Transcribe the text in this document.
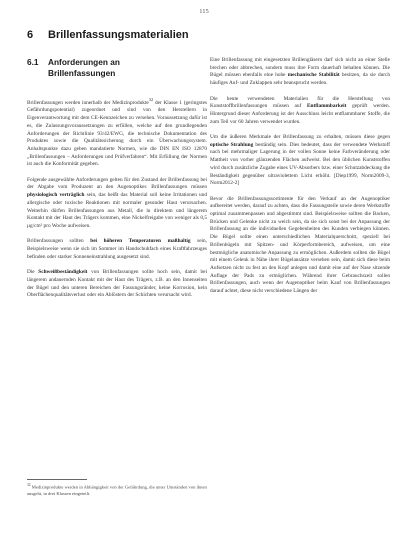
115
6 Brillenfassungsmaterialien
6.1 Anforderungen an Brillenfassungen

Brillenfassungen werden innerhalb der Medizinprodukte$^{32}$ der Klasse 1 (geringstes Gefährdungspotential) zugeordnet und sind von den Herstellern in Eigenverantwortung mit dem CE-Kennzeichen zu versehen. Voraussetzung dafür ist es, die Zulassungsvoraussetzungen zu erfüllen, welche auf den grundlegenden Anforderungen der Richtlinie 93/42/EWG, die technische Dokumentation des Produktes sowie die Qualitätssicherung durch ein Überwachungssystem. Anhaltspunkte dazu geben mandatierte Normen, wie die DIN EN ISO 12870 „Brillenfassungen – Anforderungen und Prüfverfahren“. Mit Erfüllung der Normen ist auch die Konformität gegeben.

Folgende ausgewählte Anforderungen gelten für den Zustand der Brillenfassung bei der Abgabe vom Produzent an den Augenoptiker. Brillenfassungen müssen physiologisch verträglich sein, das heißt das Material soll keine Irritationen und allergische oder toxische Reaktionen mit normaler gesunder Haut verursachen. Weiterhin dürfen Brillenfassungen aus Metall, die in direktem und längerem Kontakt mit der Haut des Trägers kommen, eine Nickelfreigabe von weniger als 0,5 µg/cm² pro Woche aufweisen.

Brillenfassungen sollten bei höheren Temperaturen maßhaltig sein, Beispielsweise wenn sie sich im Sommer im Handschuhfach eines Kraftfahrzeuges befinden oder starker Sonneneinstrahlung ausgesetzt sind.

Die Schweißbeständigkeit von Brillenfassungen sollte hoch sein, damit bei längerem andauernden Kontakt mit der Haut des Trägers, z.B. an den Innenseiten der Bügel und den unteren Bereichen der Fassungsränder, keine Korrosion, kein Oberflächenqualitätsverlust oder ein Ablöstern der Schichten verursacht wird.

Eine Brillenfassung mit eingesetzten Brillengläsern darf sich nicht an einer Stelle brechen oder abbrechen, sondern muss ihre Form dauerhaft behalten können. Die Bügel müssen ebenfalls eine hohe mechanische Stabilität besitzen, da sie durch häufiges Auf- und Zuklappen sehr beansprucht werden.

Die heute verwendeten Materialien für die Herstellung von Kunststoffbrillenfassungen müssen auf Entflammbarkeit geprüft werden. Hintergrund dieser Anforderung ist der Ausschluss leicht entflammbarer Stoffe, die zum Teil vor 60 Jahren verwendet wurden.

Um die äußeren Merkmale der Brillenfassung zu erhalten, müssen diese gegen optische Strahlung beständig sein. Dies bedeutet, dass der verwendete Werkstoff nach bei mehrmaliger Lagerung in der vollen Sonne keine Farbveränderung oder Mattheit von vorher glänzenden Flächen aufweist. Bei den üblichen Kunststoffen wird durch zusätzliche Zugabe eines UV-Absorbers bzw. einer Schutzabdeckung die Beständigkeit gegenüber ultraviolettem Licht erhöht. [Diep1999, Norm2009-3, Norm2012-2]

Bevor die Brillenfassungssortimente für den Verkauf an der Augenoptiker aufbereitet werden, darauf zu achten, dass die Fassungsteile sowie deren Werkstoffe optimal zusammenpassen und abgestimmt sind. Beispielsweise sollten die Backen, Brücken und Gelenke nicht zu weich sein, da sie sich sonst bei der Anpassung der Brillenfassung an die individuellen Gegebenheiten des Kunden verbiegen können. Die Bügel sollte einen unterschiedlichen Materialquerschnitt, speziell bei Brillenbügeln mit Spitzen- und Körperformbereich, aufweisen, um eine bestmögliche anatomische Anpassung zu ermöglichen. Außerdem sollten die Bügel mit einem Gelenk in Nähe ihrer Bügelansätze versehen sein, damit sich diese beim Aufsetzen nicht zu fest an den Kopf anlegen und damit eine auf der Nase sitzende Auflage der Pads zu ermöglichen. Während ihrer Gebrauchszeit sollen Brillenfassungen, auch wenn der Augenoptiker beim Kauf von Brillenfassungen darauf achtet, diese nicht verschiedene Längen der

$^{32}$ Medizinprodukte werden in Abhängigkeit von der Gefährdung, die unter Umständen von ihnen ausgeht, in drei Klassen eingeteilt.
